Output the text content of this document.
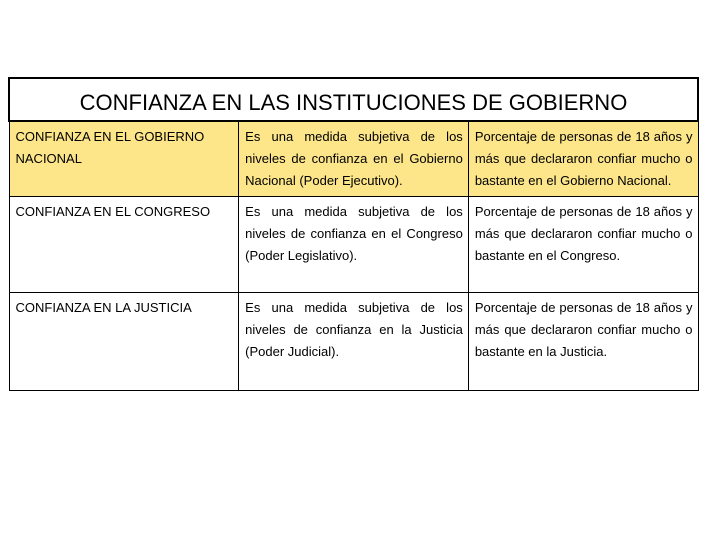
CONFIANZA EN LAS INSTITUCIONES DE GOBIERNO		
CONFIANZA EN EL GOBIERNO NACIONAL	Es una medida subjetiva de los niveles de confianza en el Gobierno Nacional (Poder Ejecutivo).	Porcentaje de personas de 18 años y más que declararon confiar mucho o bastante en el Gobierno Nacional.
CONFIANZA EN EL CONGRESO	Es una medida subjetiva de los niveles de confianza en el Congreso (Poder Legislativo).	Porcentaje de personas de 18 años y más que declararon confiar mucho o bastante en el Congreso.
CONFIANZA EN LA JUSTICIA	Es una medida subjetiva de los niveles de confianza en la Justicia (Poder Judicial).	Porcentaje de personas de 18 años y más que declararon confiar mucho o bastante en la Justicia.
